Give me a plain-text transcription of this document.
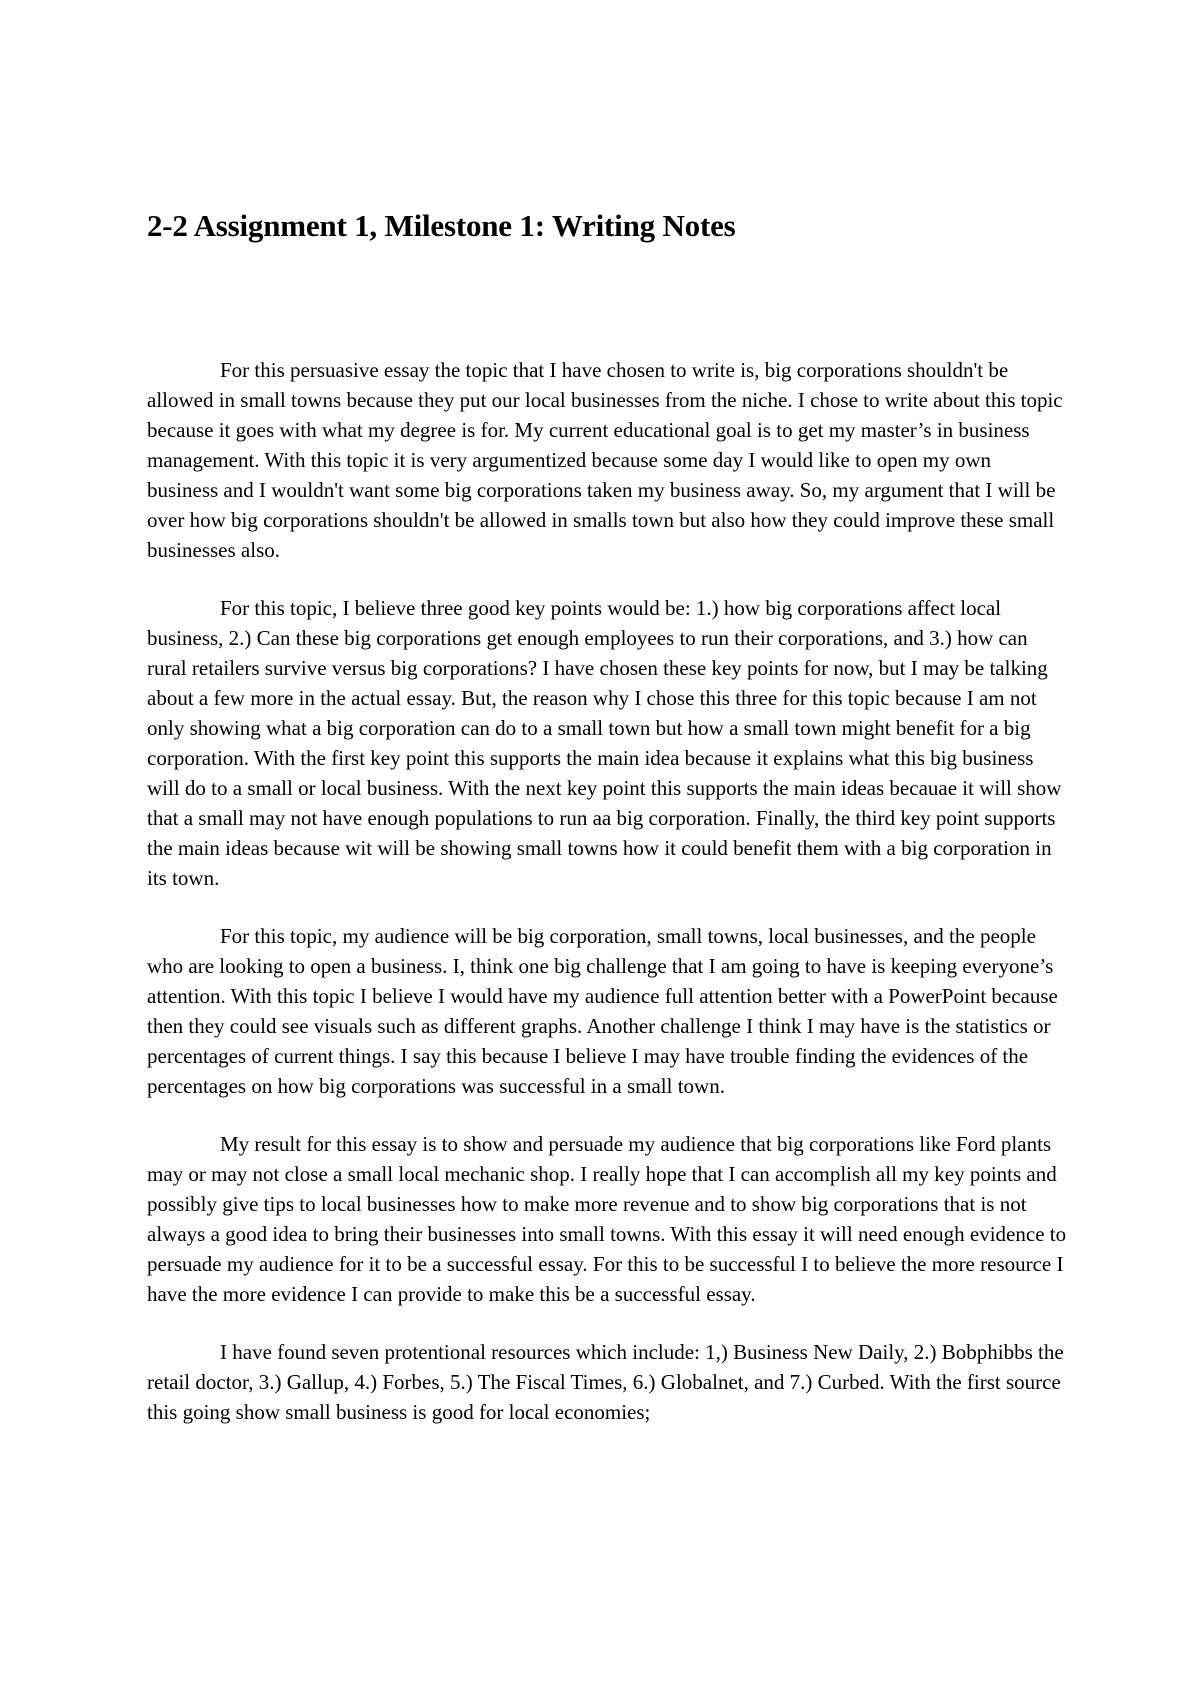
2-2 Assignment 1, Milestone 1: Writing Notes

For this persuasive essay the topic that I have chosen to write is, big corporations shouldn't be allowed in small towns because they put our local businesses from the niche. I chose to write about this topic because it goes with what my degree is for. My current educational goal is to get my master’s in business management. With this topic it is very argumentized because some day I would like to open my own business and I wouldn't want some big corporations taken my business away. So, my argument that I will be over how big corporations shouldn't be allowed in smalls town but also how they could improve these small businesses also.

For this topic, I believe three good key points would be: 1.) how big corporations affect local business, 2.) Can these big corporations get enough employees to run their corporations, and 3.) how can rural retailers survive versus big corporations? I have chosen these key points for now, but I may be talking about a few more in the actual essay. But, the reason why I chose this three for this topic because I am not only showing what a big corporation can do to a small town but how a small town might benefit for a big corporation. With the first key point this supports the main idea because it explains what this big business will do to a small or local business. With the next key point this supports the main ideas becauae it will show that a small may not have enough populations to run aa big corporation. Finally, the third key point supports the main ideas because wit will be showing small towns how it could benefit them with a big corporation in its town.

For this topic, my audience will be big corporation, small towns, local businesses, and the people who are looking to open a business. I, think one big challenge that I am going to have is keeping everyone’s attention. With this topic I believe I would have my audience full attention better with a PowerPoint because then they could see visuals such as different graphs. Another challenge I think I may have is the statistics or percentages of current things. I say this because I believe I may have trouble finding the evidences of the percentages on how big corporations was successful in a small town.

My result for this essay is to show and persuade my audience that big corporations like Ford plants may or may not close a small local mechanic shop. I really hope that I can accomplish all my key points and possibly give tips to local businesses how to make more revenue and to show big corporations that is not always a good idea to bring their businesses into small towns. With this essay it will need enough evidence to persuade my audience for it to be a successful essay. For this to be successful I to believe the more resource I have the more evidence I can provide to make this be a successful essay.

I have found seven protentional resources which include: 1,) Business New Daily, 2.) Bobphibbs the retail doctor, 3.) Gallup, 4.) Forbes, 5.) The Fiscal Times, 6.) Globalnet, and 7.) Curbed. With the first source this going show small business is good for local economies;
